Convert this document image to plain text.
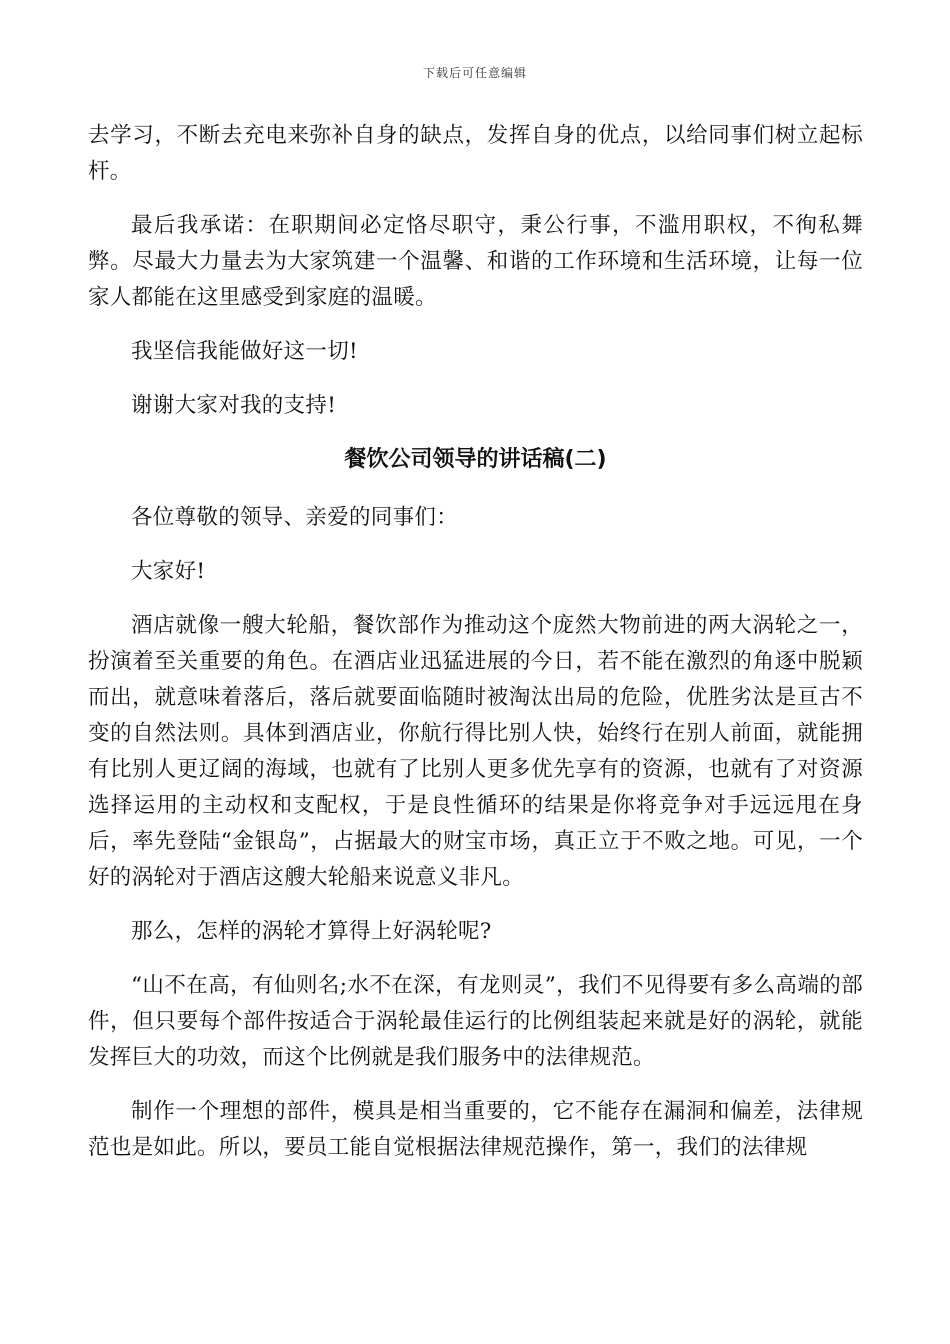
下载后可任意编辑

去学习，不断去充电来弥补自身的缺点，发挥自身的优点，以给同事们树立起标杆。

最后我承诺：在职期间必定恪尽职守，秉公行事，不滥用职权，不徇私舞弊。尽最大力量去为大家筑建一个温馨、和谐的工作环境和生活环境，让每一位家人都能在这里感受到家庭的温暖。

我坚信我能做好这一切!

谢谢大家对我的支持!

餐饮公司领导的讲话稿(二)

各位尊敬的领导、亲爱的同事们：

大家好!

酒店就像一艘大轮船，餐饮部作为推动这个庞然大物前进的两大涡轮之一，扮演着至关重要的角色。在酒店业迅猛进展的今日，若不能在激烈的角逐中脱颖而出，就意味着落后，落后就要面临随时被淘汰出局的危险，优胜劣汰是亘古不变的自然法则。具体到酒店业，你航行得比别人快，始终行在别人前面，就能拥有比别人更辽阔的海域，也就有了比别人更多优先享有的资源，也就有了对资源选择运用的主动权和支配权，于是良性循环的结果是你将竞争对手远远甩在身后，率先登陆“金银岛”，占据最大的财宝市场，真正立于不败之地。可见，一个好的涡轮对于酒店这艘大轮船来说意义非凡。

那么，怎样的涡轮才算得上好涡轮呢?

“山不在高，有仙则名;水不在深，有龙则灵”，我们不见得要有多么高端的部件，但只要每个部件按适合于涡轮最佳运行的比例组装起来就是好的涡轮，就能发挥巨大的功效，而这个比例就是我们服务中的法律规范。

制作一个理想的部件，模具是相当重要的，它不能存在漏洞和偏差，法律规范也是如此。所以，要员工能自觉根据法律规范操作，第一，我们的法律规
